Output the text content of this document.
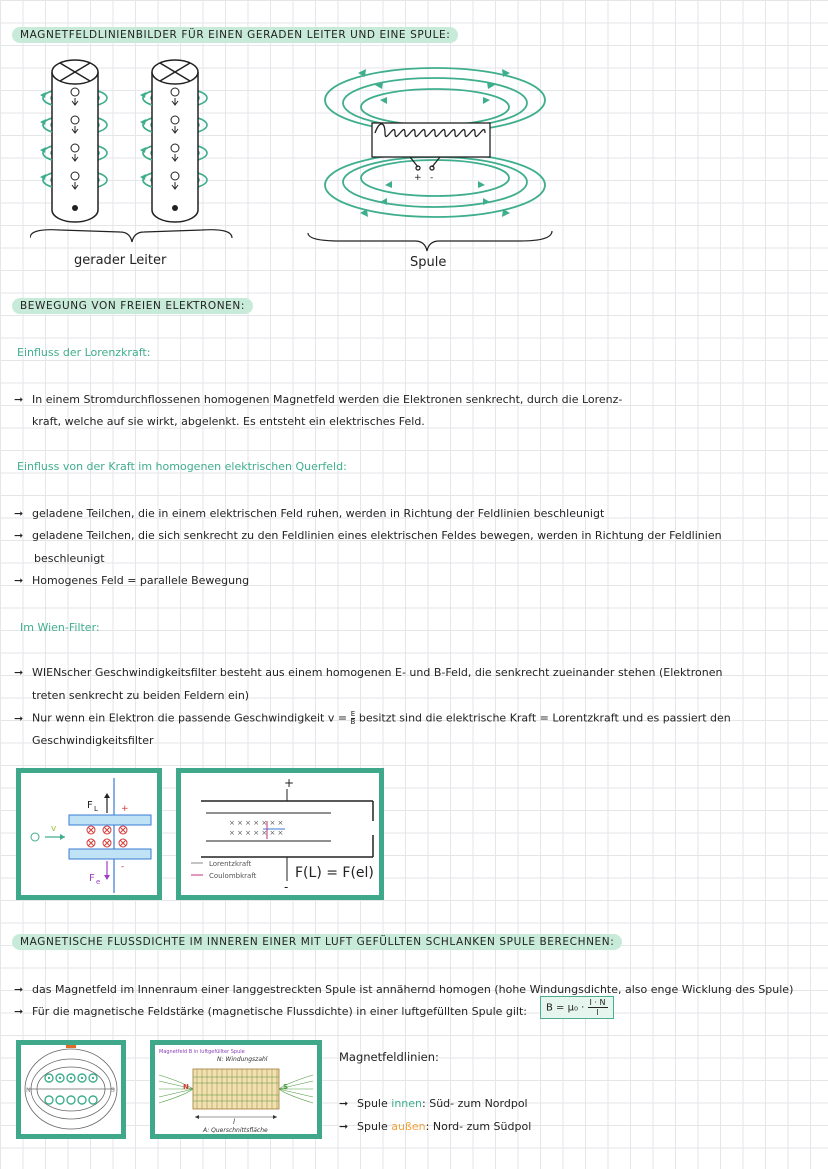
MAGNETFELDLINIENBILDER FÜR EINEN GERADEN LEITER UND EINE SPULE:
gerader Leiter
+ -
Spule
BEWEGUNG VON FREIEN ELEKTRONEN:
Einfluss der Lorenzkraft:
➞ In einem Stromdurchflossenen homogenen Magnetfeld werden die Elektronen senkrecht, durch die Lorenz-
kraft, welche auf sie wirkt, abgelenkt. Es entsteht ein elektrisches Feld.
Einfluss von der Kraft im homogenen elektrischen Querfeld:
➞ geladene Teilchen, die in einem elektrischen Feld ruhen, werden in Richtung der Feldlinien beschleunigt
➞ geladene Teilchen, die sich senkrecht zu den Feldlinien eines elektrischen Feldes bewegen, werden in Richtung der Feldlinien
beschleunigt
➞ Homogenes Feld = parallele Bewegung
Im Wien-Filter:
➞ WIENscher Geschwindigkeitsfilter besteht aus einem homogenen E- und B-Feld, die senkrecht zueinander stehen (Elektronen
treten senkrecht zu beiden Feldern ein)
➞ Nur wenn ein Elektron die passende Geschwindigkeit $v = \frac{E}{B}$ besitzt sind die elektrische Kraft = Lorentzkraft und es passiert den
Geschwindigkeitsfilter
v
F L
F e
+
-
+
-
× × × × × × ×
× × × × × × ×
Lorentzkraft
Coulombkraft	F(L) = F(el)
MAGNETISCHE FLUSSDICHTE IM INNEREN EINER MIT LUFT GEFÜLLTEN SCHLANKEN SPULE BERECHNEN:
➞ das Magnetfeld im Innenraum einer langgestreckten Spule ist annähernd homogen (hohe Windungsdichte, also enge Wicklung des Spule)
➞ Für die magnetische Feldstärke (magnetische Flussdichte) in einer luftgefüllten Spule gilt:	$B = \mu_0 \cdot \frac{I \cdot N}{l}$
N	S
Magnetfeld B in luftgefüllter Spule
N: Windungszahl
N	S
l
A: Querschnittsfläche
Magnetfeldlinien:
➞ Spule innen: Süd- zum Nordpol
➞ Spule außen: Nord- zum Südpol
